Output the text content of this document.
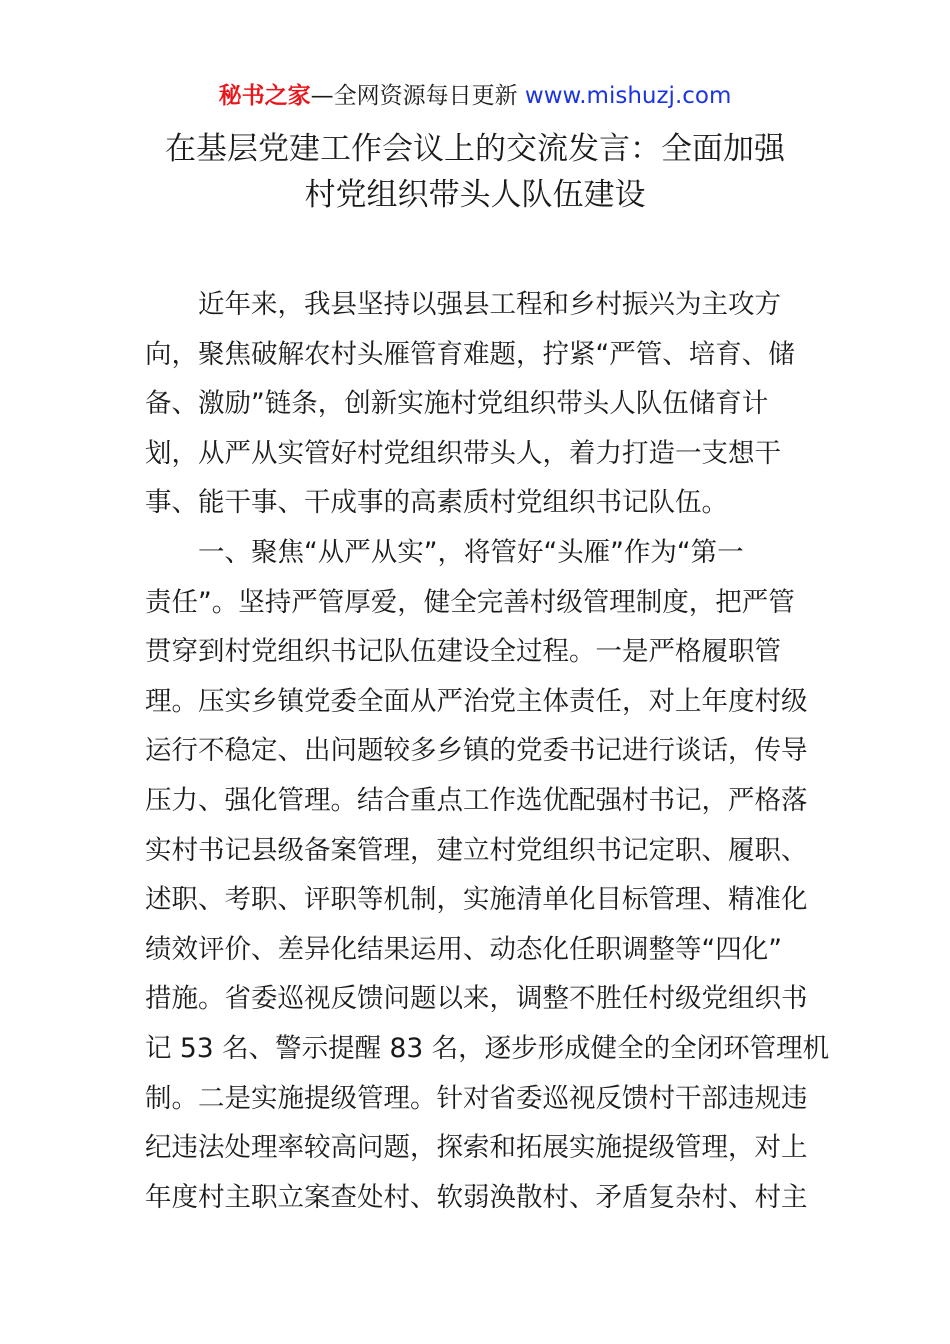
秘书之家—全网资源每日更新 www.mishuzj.com
在基层党建工作会议上的交流发言：全面加强
村党组织带头人队伍建设
近年来，我县坚持以强县工程和乡村振兴为主攻方
向，聚焦破解农村头雁管育难题，拧紧“严管、培育、储
备、激励”链条，创新实施村党组织带头人队伍储育计
划，从严从实管好村党组织带头人，着力打造一支想干
事、能干事、干成事的高素质村党组织书记队伍。
一、聚焦“从严从实”，将管好“头雁”作为“第一
责任”。坚持严管厚爱，健全完善村级管理制度，把严管
贯穿到村党组织书记队伍建设全过程。一是严格履职管
理。压实乡镇党委全面从严治党主体责任，对上年度村级
运行不稳定、出问题较多乡镇的党委书记进行谈话，传导
压力、强化管理。结合重点工作选优配强村书记，严格落
实村书记县级备案管理，建立村党组织书记定职、履职、
述职、考职、评职等机制，实施清单化目标管理、精准化
绩效评价、差异化结果运用、动态化任职调整等“四化”
措施。省委巡视反馈问题以来，调整不胜任村级党组织书
记 53 名、警示提醒 83 名，逐步形成健全的全闭环管理机
制。二是实施提级管理。针对省委巡视反馈村干部违规违
纪违法处理率较高问题，探索和拓展实施提级管理，对上
年度村主职立案查处村、软弱涣散村、矛盾复杂村、村主
